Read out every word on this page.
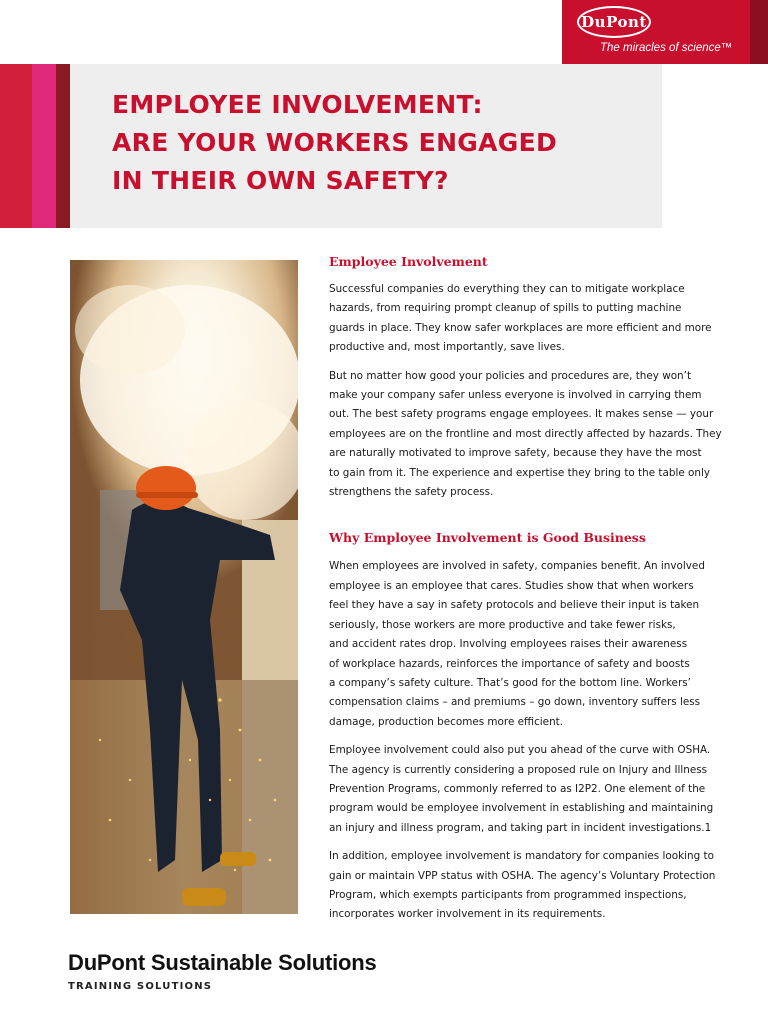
DuPont
The miracles of science™
EMPLOYEE INVOLVEMENT:
ARE YOUR WORKERS ENGAGED
IN THEIR OWN SAFETY?
Employee Involvement

Successful companies do everything they can to mitigate workplace
hazards, from requiring prompt cleanup of spills to putting machine
guards in place. They know safer workplaces are more efficient and more
productive and, most importantly, save lives.

But no matter how good your policies and procedures are, they won’t
make your company safer unless everyone is involved in carrying them
out. The best safety programs engage employees. It makes sense — your
employees are on the frontline and most directly affected by hazards. They
are naturally motivated to improve safety, because they have the most
to gain from it. The experience and expertise they bring to the table only
strengthens the safety process.

Why Employee Involvement is Good Business

When employees are involved in safety, companies benefit. An involved
employee is an employee that cares. Studies show that when workers
feel they have a say in safety protocols and believe their input is taken
seriously, those workers are more productive and take fewer risks,
and accident rates drop. Involving employees raises their awareness
of workplace hazards, reinforces the importance of safety and boosts
a company’s safety culture. That’s good for the bottom line. Workers’
compensation claims – and premiums – go down, inventory suffers less
damage, production becomes more efficient.

Employee involvement could also put you ahead of the curve with OSHA.
The agency is currently considering a proposed rule on Injury and Illness
Prevention Programs, commonly referred to as I2P2. One element of the
program would be employee involvement in establishing and maintaining
an injury and illness program, and taking part in incident investigations.1

In addition, employee involvement is mandatory for companies looking to
gain or maintain VPP status with OSHA. The agency’s Voluntary Protection
Program, which exempts participants from programmed inspections,
incorporates worker involvement in its requirements.

DuPont Sustainable Solutions
TRAINING SOLUTIONS
